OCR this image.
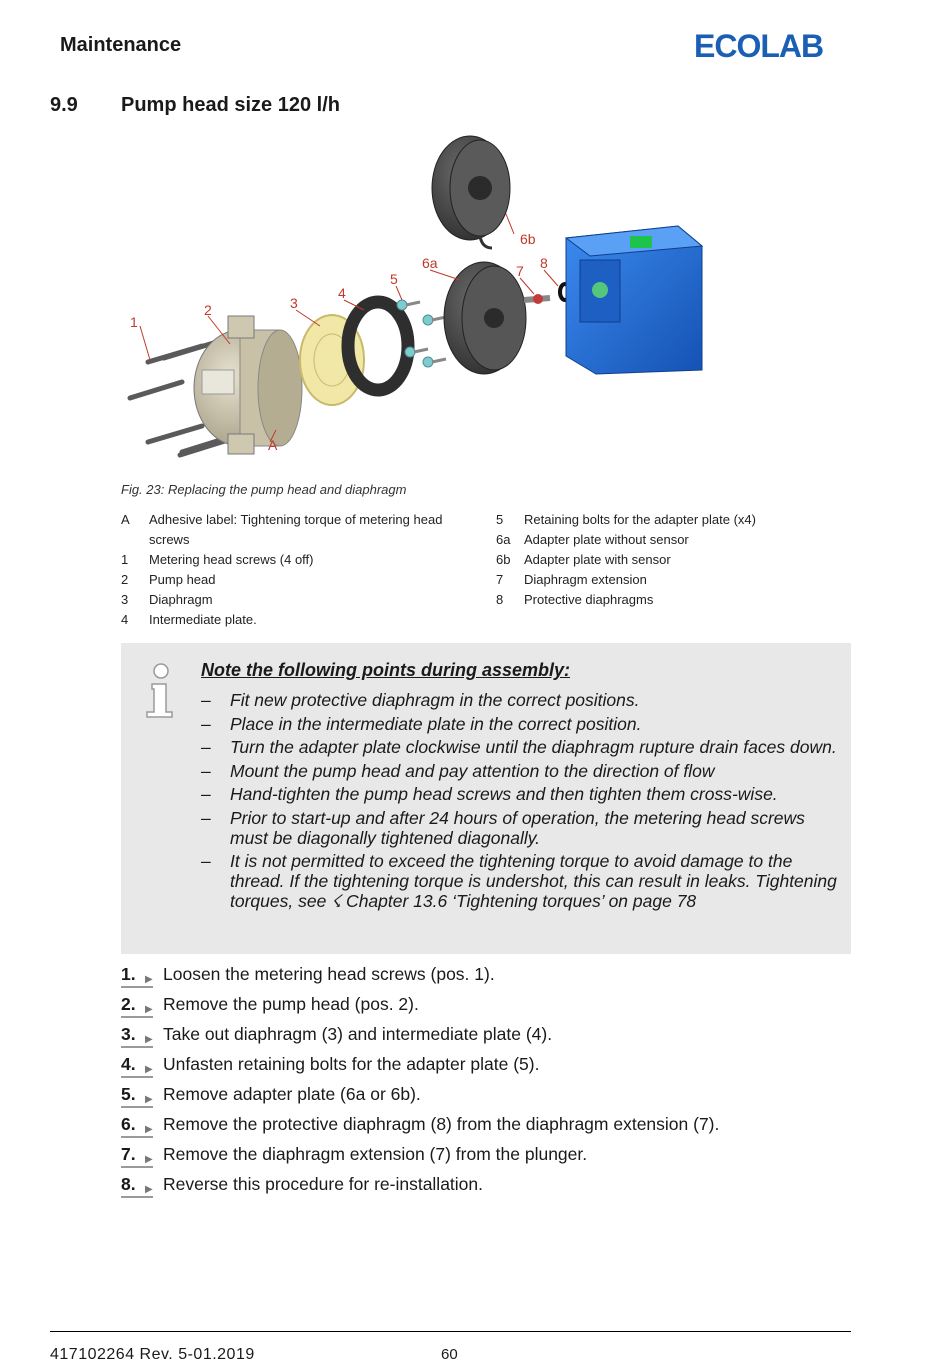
Maintenance	ECOLAB
9.9 Pump head size 120 l/h
1
2	3
4
5
6a
6b
7 8
A
Fig. 23: Replacing the pump head and diaphragm
A	Adhesive label: Tightening torque of metering head
screws
1	Metering head screws (4 off)
2	Pump head
3	Diaphragm
4	Intermediate plate.
5	Retaining bolts for the adapter plate (x4)
6a	Adapter plate without sensor
6b	Adapter plate with sensor
7	Diaphragm extension
8	Protective diaphragms
Note the following points during assembly:
– Fit new protective diaphragm in the correct positions.
– Place in the intermediate plate in the correct position.
– Turn the adapter plate clockwise until the diaphragm rupture drain faces down.
– Mount the pump head and pay attention to the direction of flow
– Hand-tighten the pump head screws and then tighten them cross-wise.
– Prior to start-up and after 24 hours of operation, the metering head screws must be diagonally tightened diagonally.
– It is not permitted to exceed the tightening torque to avoid damage to the thread. If the tightening torque is undershot, this can result in leaks. Tightening torques, see ☇ Chapter 13.6 ‘Tightening torques’ on page 78
1. ▶ Loosen the metering head screws (pos. 1).
2. ▶ Remove the pump head (pos. 2).
3. ▶ Take out diaphragm (3) and intermediate plate (4).
4. ▶ Unfasten retaining bolts for the adapter plate (5).
5. ▶ Remove adapter plate (6a or 6b).
6. ▶ Remove the protective diaphragm (8) from the diaphragm extension (7).
7. ▶ Remove the diaphragm extension (7) from the plunger.
8. ▶ Reverse this procedure for re-installation.
417102264 Rev. 5-01.2019	60
